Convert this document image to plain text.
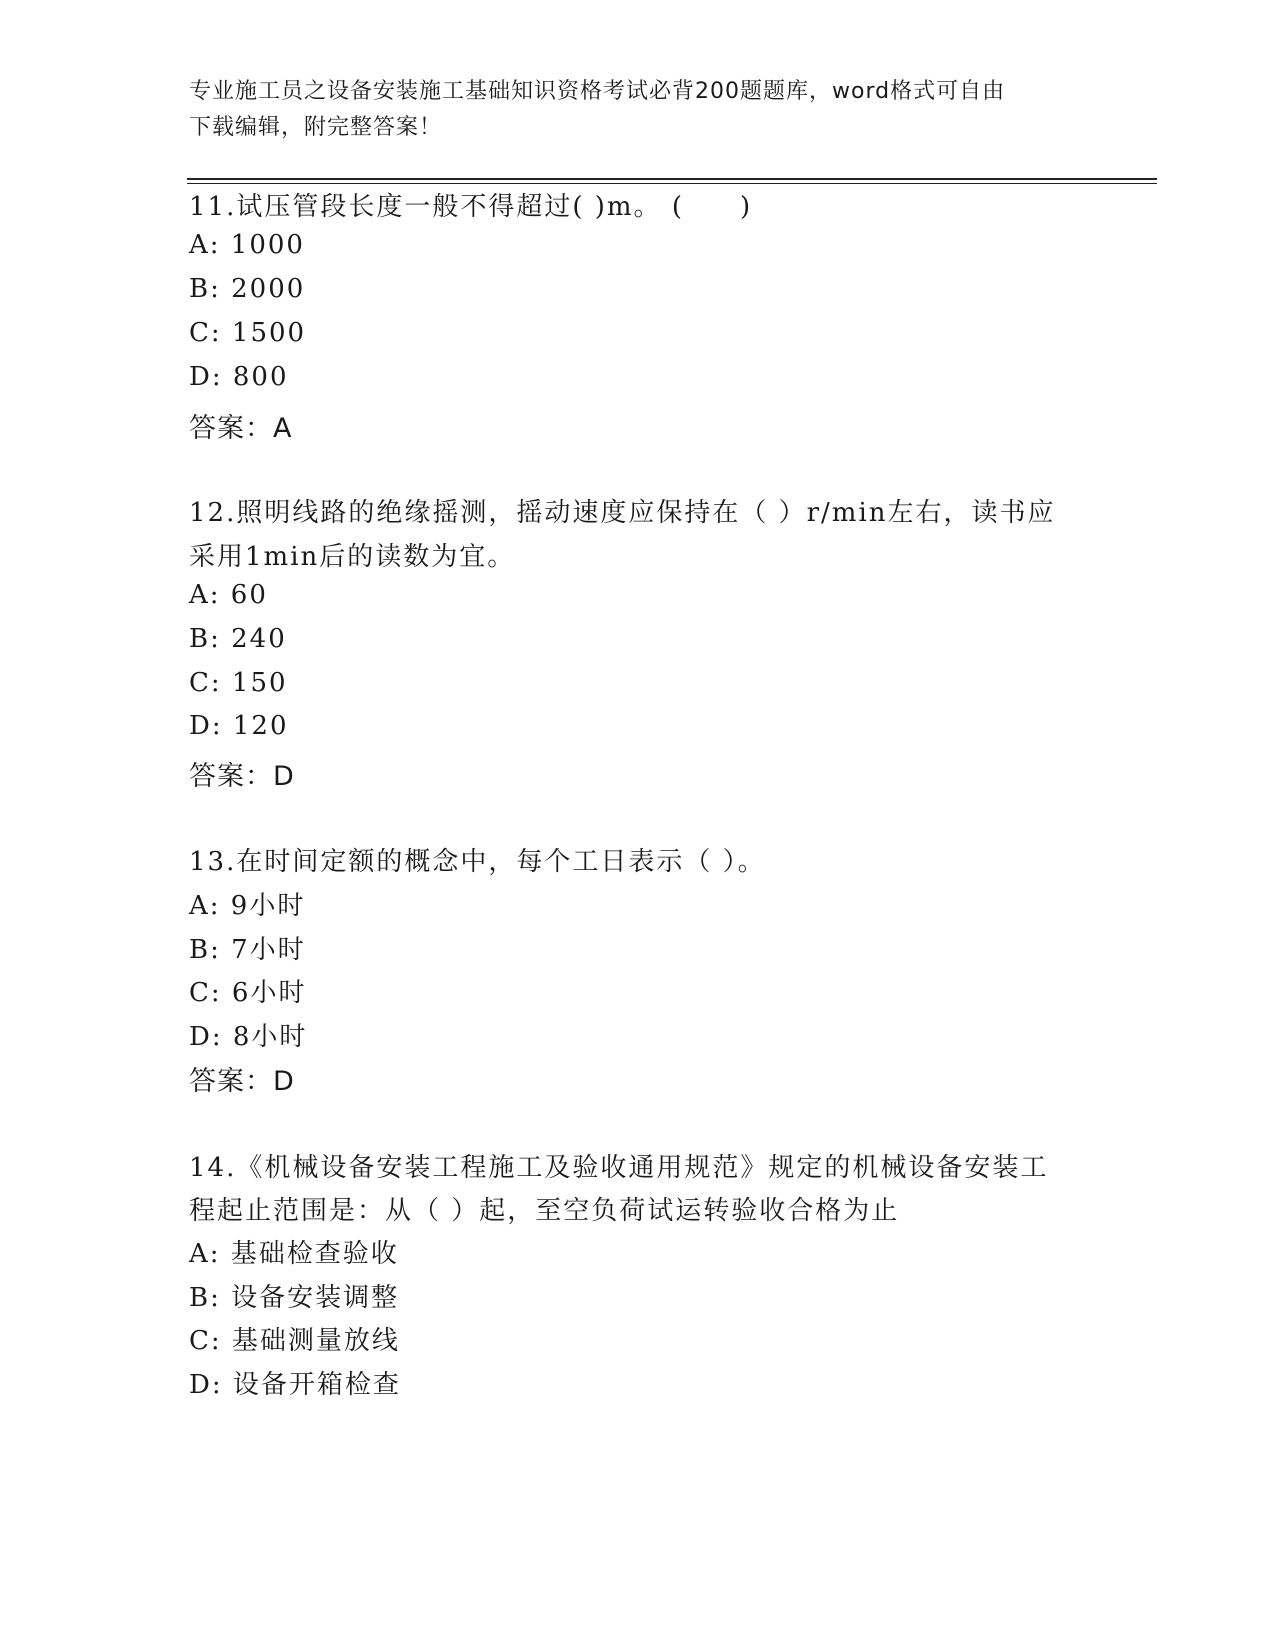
专业施工员之设备安装施工基础知识资格考试必背200题题库，word格式可自由
下载编辑，附完整答案！
11.试压管段长度一般不得超过( )m。 (　　)
A: 1000
B: 2000
C: 1500
D: 800
答案：A
12.照明线路的绝缘摇测，摇动速度应保持在（ ）r/min左右，读书应
采用1min后的读数为宜。
A: 60
B: 240
C: 150
D: 120
答案：D
13.在时间定额的概念中，每个工日表示（ ）。
A: 9小时
B: 7小时
C: 6小时
D: 8小时
答案：D
14.《机械设备安装工程施工及验收通用规范》规定的机械设备安装工
程起止范围是：从（ ）起，至空负荷试运转验收合格为止
A: 基础检查验收
B: 设备安装调整
C: 基础测量放线
D: 设备开箱检查
